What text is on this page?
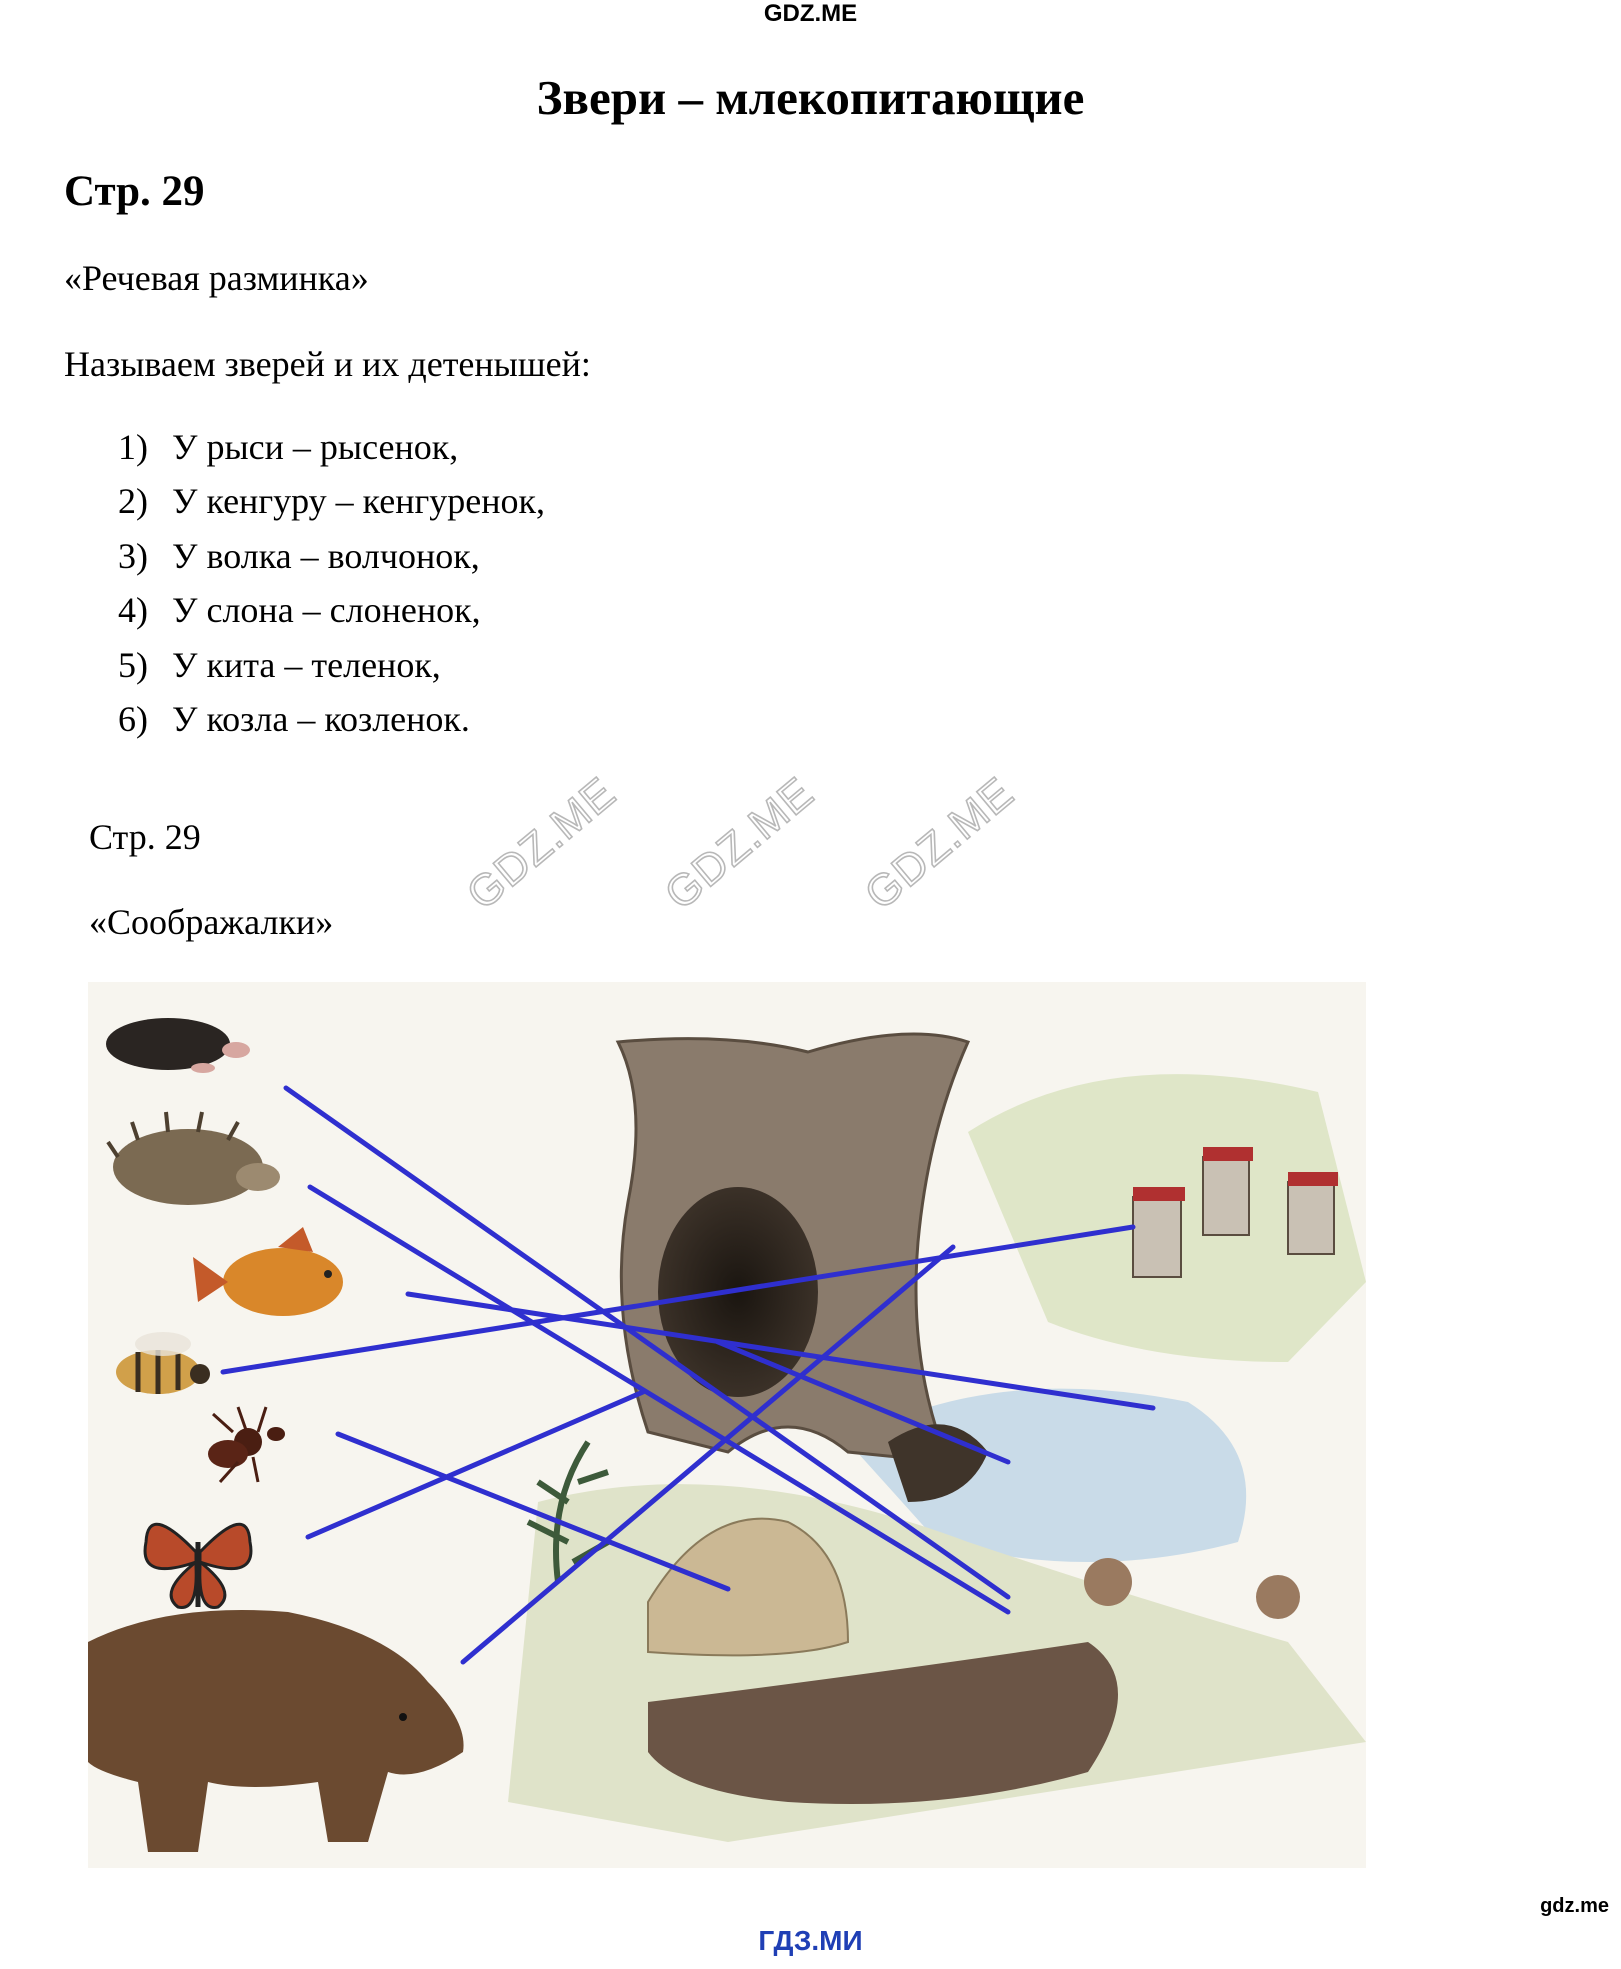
GDZ.ME
Звери – млекопитающие
Стр. 29
«Речевая разминка»
Называем зверей и их детенышей:
1) У рыси – рысенок,
2) У кенгуру – кенгуренок,
3) У волка – волчонок,
4) У слона – слоненок,
5) У кита – теленок,
6) У козла – козленок.
Стр. 29
«Соображалки»
GDZ.ME GDZ.ME GDZ.ME
ГДЗ.МИ
gdz.me
